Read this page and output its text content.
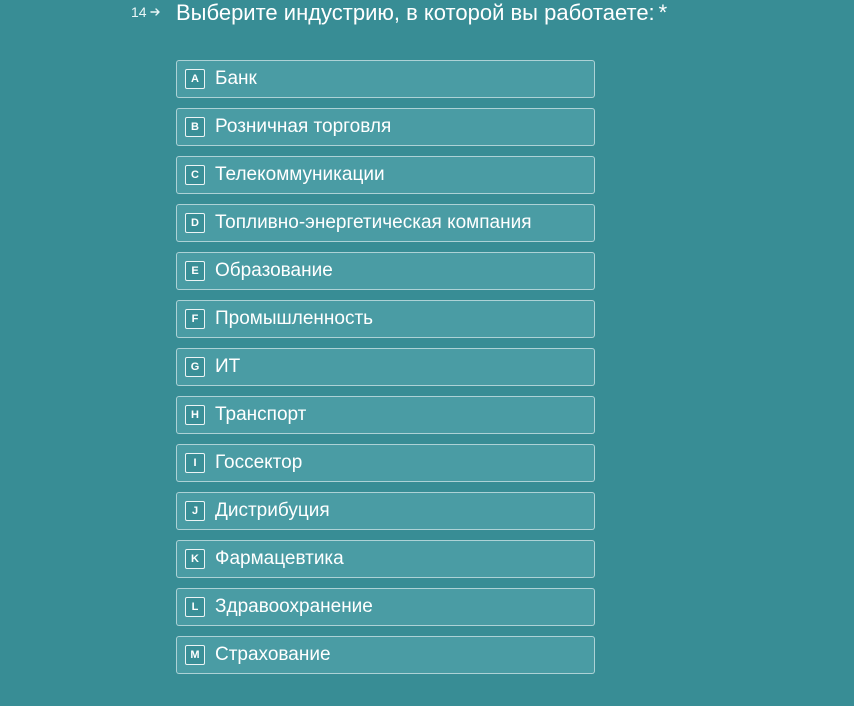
14 Выберите индустрию, в которой вы работаете: *
A Банк
B Розничная торговля
C Телекоммуникации
D Топливно-энергетическая компания
E Образование
F Промышленность
G ИТ
H Транспорт
I Госсектор
J Дистрибуция
K Фармацевтика
L Здравоохранение
M Страхование
